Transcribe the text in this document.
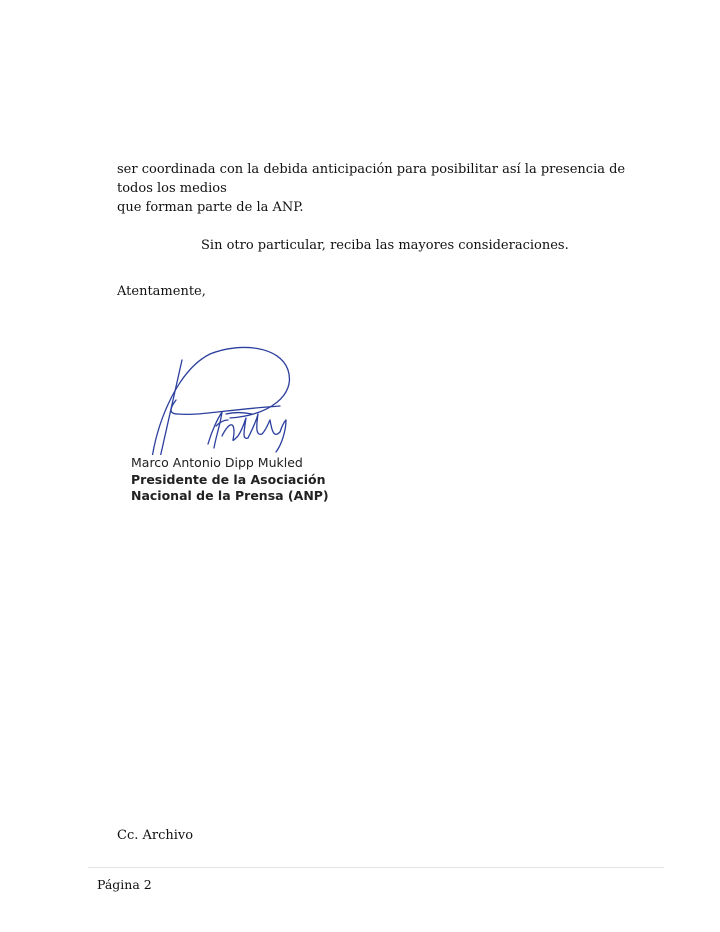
ser coordinada con la debida anticipación para posibilitar así la presencia de todos los medios
que forman parte de la ANP.
Sin otro particular, reciba las mayores consideraciones.
Atentamente,
Marco Antonio Dipp Mukled
Presidente de la Asociación
Nacional de la Prensa (ANP)
Cc. Archivo
Página 2
